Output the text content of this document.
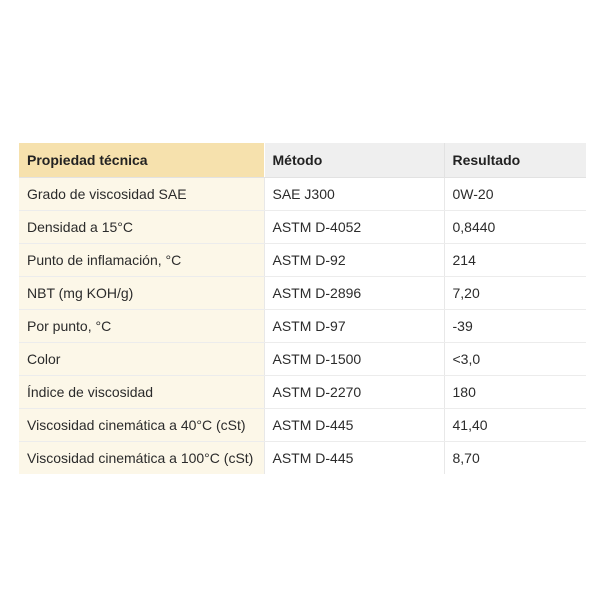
Propiedad técnica	Método	Resultado
Grado de viscosidad SAE	SAE J300	0W-20
Densidad a 15°C	ASTM D-4052	0,8440
Punto de inflamación, °C	ASTM D-92	214
NBT (mg KOH/g)	ASTM D-2896	7,20
Por punto, °C	ASTM D-97	-39
Color	ASTM D-1500	<3,0
Índice de viscosidad	ASTM D-2270	180
Viscosidad cinemática a 40°C (cSt)	ASTM D-445	41,40
Viscosidad cinemática a 100°C (cSt)	ASTM D-445	8,70
